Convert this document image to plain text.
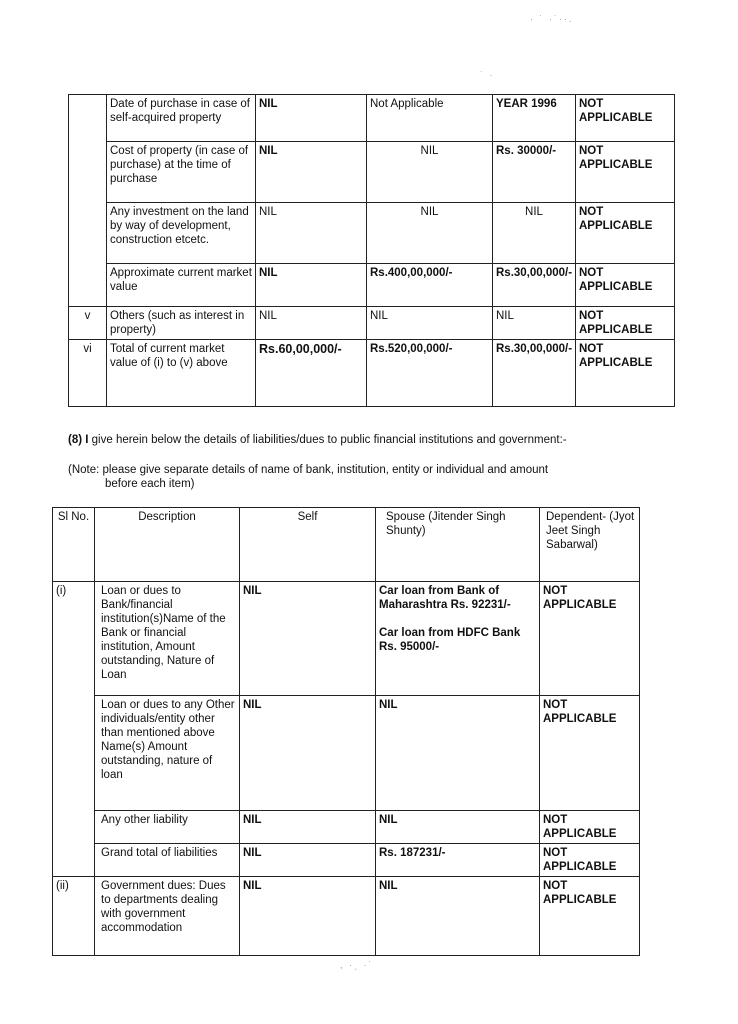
· ˙ ·˙··.
˙ ·
, ·ˏ ·˙
	Date of purchase in case of self-acquired property	NIL	Not Applicable	YEAR 1996	NOT APPLICABLE
	Cost of property (in case of purchase) at the time of purchase	NIL	NIL	Rs. 30000/-	NOT APPLICABLE
	Any investment on the land by way of development, construction etcetc.	NIL	NIL	NIL	NOT APPLICABLE
	Approximate current market value	NIL	Rs.400,00,000/-	Rs.30,00,000/-	NOT APPLICABLE
v	Others (such as interest in property)	NIL	NIL	NIL	NOT APPLICABLE
vi	Total of current market value of (i) to (v) above	Rs.60,00,000/-	Rs.520,00,000/-	Rs.30,00,000/-	NOT APPLICABLE

(8) I give herein below the details of liabilities/dues to public financial institutions and government:-

(Note: please give separate details of name of bank, institution, entity or individual and amount

before each item)

Sl No.	Description	Self	Spouse (Jitender Singh Shunty)	Dependent- (Jyot Jeet Singh Sabarwal)
(i)	Loan or dues to Bank/financial institution(s)Name of the Bank or financial institution, Amount outstanding, Nature of Loan	NIL	Car loan from Bank of Maharashtra Rs. 92231/-
Car loan from HDFC Bank Rs. 95000/-	NOT APPLICABLE
	Loan or dues to any Other individuals/entity other than mentioned above Name(s) Amount outstanding, nature of loan	NIL	NIL	NOT APPLICABLE
	Any other liability	NIL	NIL	NOT APPLICABLE
	Grand total of liabilities	NIL	Rs. 187231/-	NOT APPLICABLE
(ii)	Government dues: Dues to departments dealing with government accommodation	NIL	NIL	NOT APPLICABLE
